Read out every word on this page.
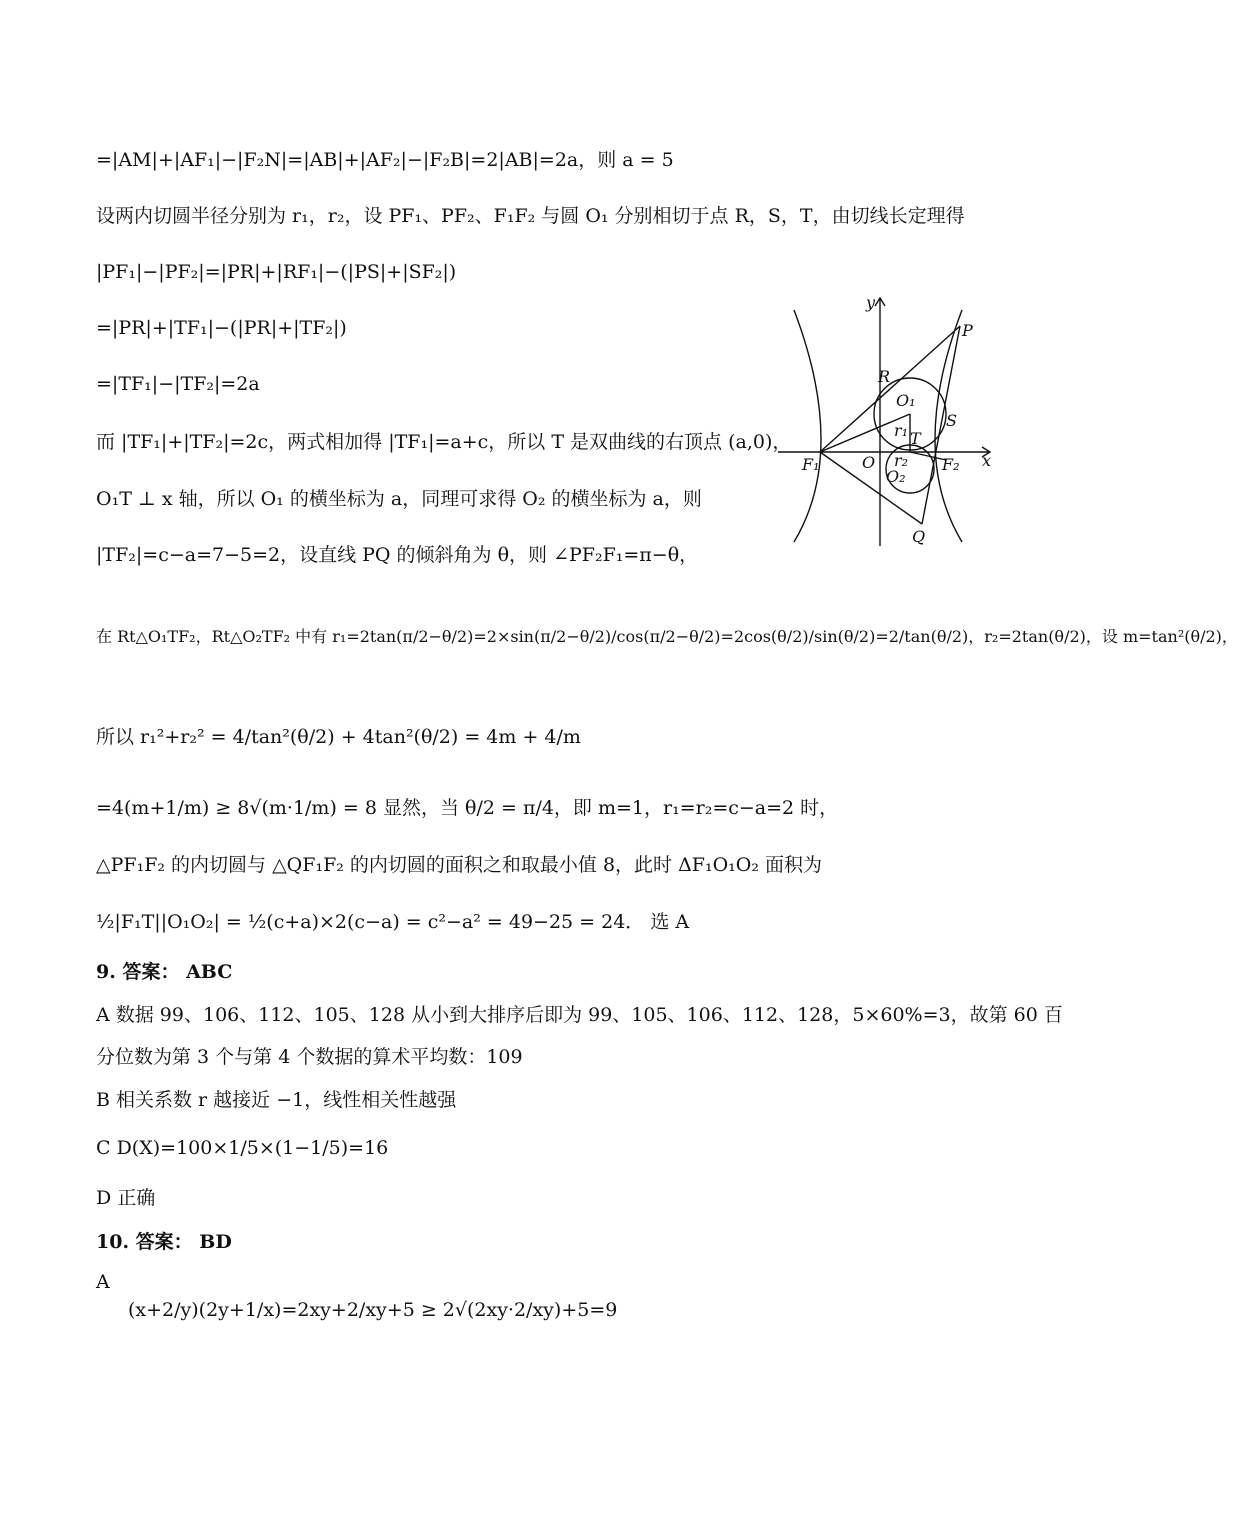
=|AM|+|AF₁|−|F₂N|=|AB|+|AF₂|−|F₂B|=2|AB|=2a，则 a = 5
设两内切圆半径分别为 r₁，r₂，设 PF₁、PF₂、F₁F₂ 与圆 O₁ 分别相切于点 R，S，T，由切线长定理得
|PF₁|−|PF₂|=|PR|+|RF₁|−(|PS|+|SF₂|)
=|PR|+|TF₁|−(|PR|+|TF₂|)
=|TF₁|−|TF₂|=2a
而 |TF₁|+|TF₂|=2c，两式相加得 |TF₁|=a+c，所以 T 是双曲线的右顶点 (a,0)，
O₁T ⊥ x 轴，所以 O₁ 的横坐标为 a，同理可求得 O₂ 的横坐标为 a，则
|TF₂|=c−a=7−5=2，设直线 PQ 的倾斜角为 θ，则 ∠PF₂F₁=π−θ，
在 Rt△O₁TF₂，Rt△O₂TF₂ 中有 r₁=2tan(π/2−θ/2)=2×sin(π/2−θ/2)/cos(π/2−θ/2)=2cos(θ/2)/sin(θ/2)=2/tan(θ/2)，r₂=2tan(θ/2)，设 m=tan²(θ/2)，
所以 r₁²+r₂² = 4/tan²(θ/2) + 4tan²(θ/2) = 4m + 4/m
=4(m+1/m) ≥ 8√(m·1/m) = 8 显然，当 θ/2 = π/4，即 m=1，r₁=r₂=c−a=2 时，
△PF₁F₂ 的内切圆与 △QF₁F₂ 的内切圆的面积之和取最小值 8，此时 ΔF₁O₁O₂ 面积为
½|F₁T||O₁O₂| = ½(c+a)×2(c−a) = c²−a² = 49−25 = 24． 选 A
9. 答案： ABC
A 数据 99、106、112、105、128 从小到大排序后即为 99、105、106、112、128，5×60%=3，故第 60 百
分位数为第 3 个与第 4 个数据的算术平均数：109
B 相关系数 r 越接近 −1，线性相关性越强
C D(X)=100×1/5×(1−1/5)=16
D 正确
10. 答案： BD
A
(x+2/y)(2y+1/x)=2xy+2/xy+5 ≥ 2√(2xy·2/xy)+5=9
y
x
P
R
O₁
S
r₁ T
F₁	O r₂
O₂
F₂
Q
